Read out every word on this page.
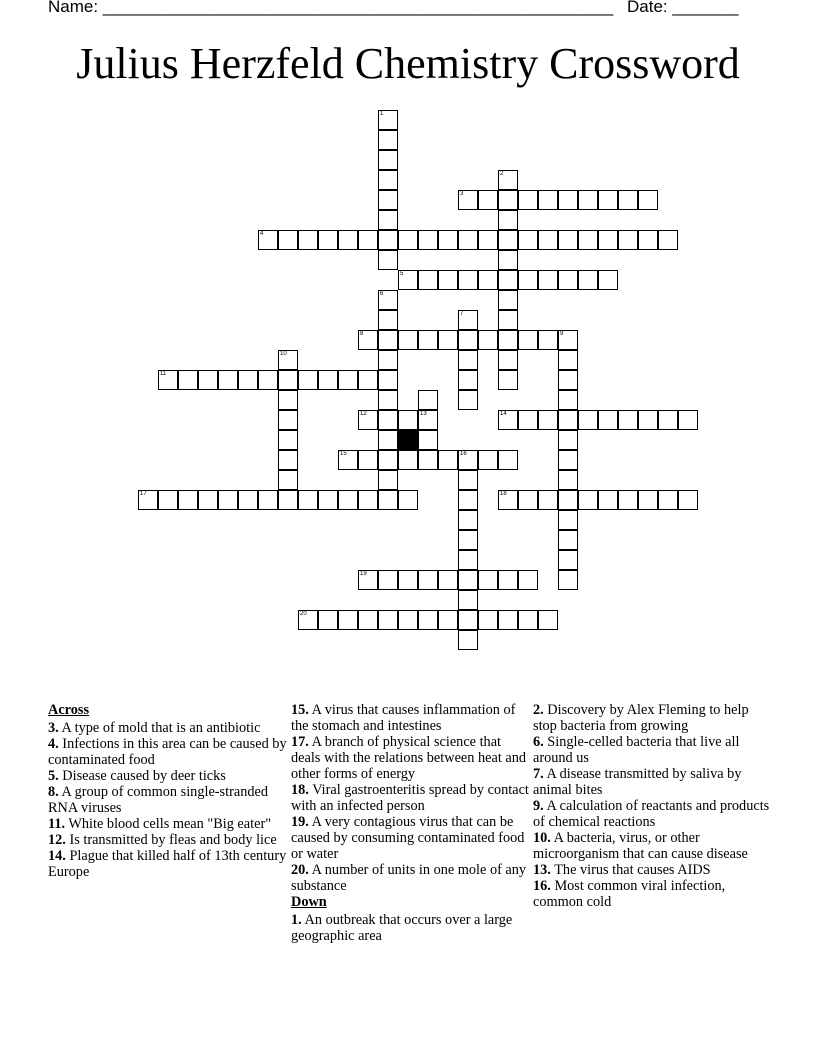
Name: ______________________________________________________ Date: _______
Julius Herzfeld Chemistry Crossword
1
2
3
4
5
6
7
8	9
10
11
12	13	14
15	16
17	18
19
20
Across
3. A type of mold that is an antibiotic
4. Infections in this area can be caused by contaminated food
5. Disease caused by deer ticks
8. A group of common single-stranded RNA viruses
11. White blood cells mean "Big eater"
12. Is transmitted by fleas and body lice
14. Plague that killed half of 13th century Europe
15. A virus that causes inflammation of the stomach and intestines
17. A branch of physical science that deals with the relations between heat and other forms of energy
18. Viral gastroenteritis spread by contact with an infected person
19. A very contagious virus that can be caused by consuming contaminated food or water
20. A number of units in one mole of any substance
Down
1. An outbreak that occurs over a large geographic area
2. Discovery by Alex Fleming to help stop bacteria from growing
6. Single-celled bacteria that live all around us
7. A disease transmitted by saliva by animal bites
9. A calculation of reactants and products of chemical reactions
10. A bacteria, virus, or other microorganism that can cause disease
13. The virus that causes AIDS
16. Most common viral infection, common cold
